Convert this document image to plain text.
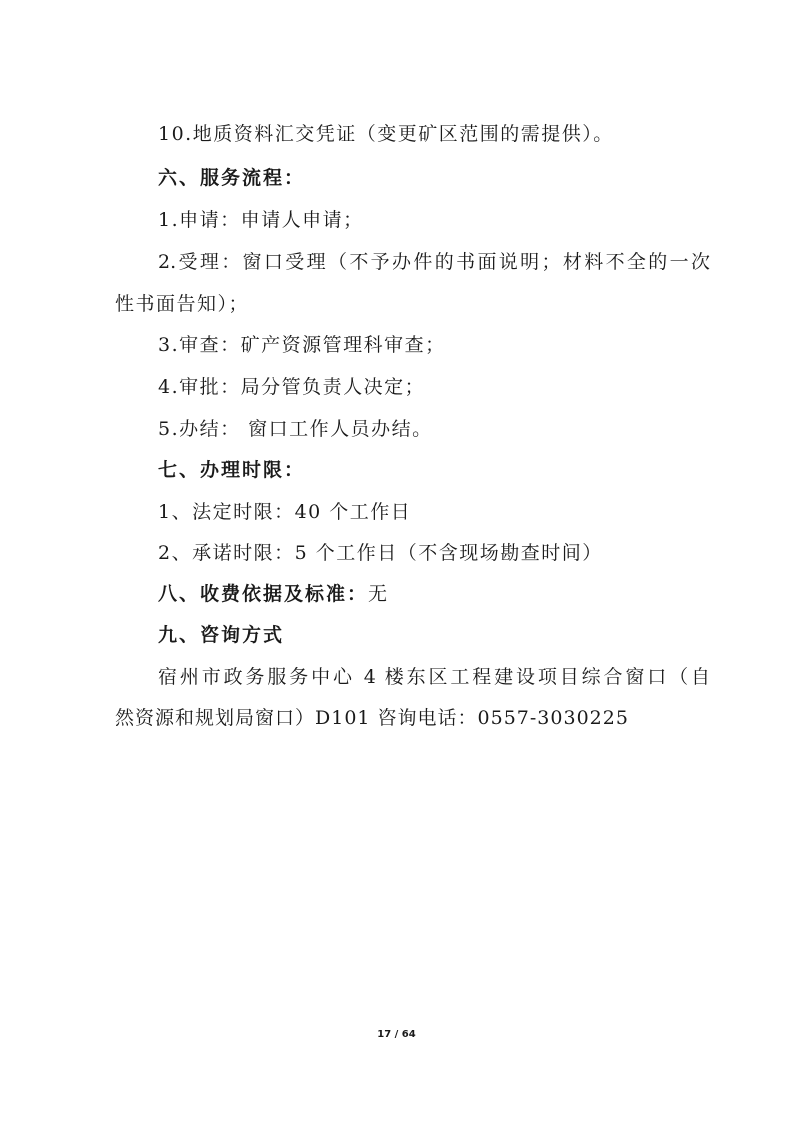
10.地质资料汇交凭证（变更矿区范围的需提供）。
六、服务流程：
1.申请：申请人申请；
2.受理：窗口受理（不予办件的书面说明；材料不全的一次
性书面告知）；
3.审查：矿产资源管理科审查；
4.审批：局分管负责人决定；
5.办结： 窗口工作人员办结。
七、办理时限：
1、法定时限：40 个工作日
2、承诺时限：5 个工作日（不含现场勘查时间）
八、收费依据及标准：无
九、咨询方式
宿州市政务服务中心 4 楼东区工程建设项目综合窗口（自
然资源和规划局窗口）D101 咨询电话：0557-3030225
17 / 64
